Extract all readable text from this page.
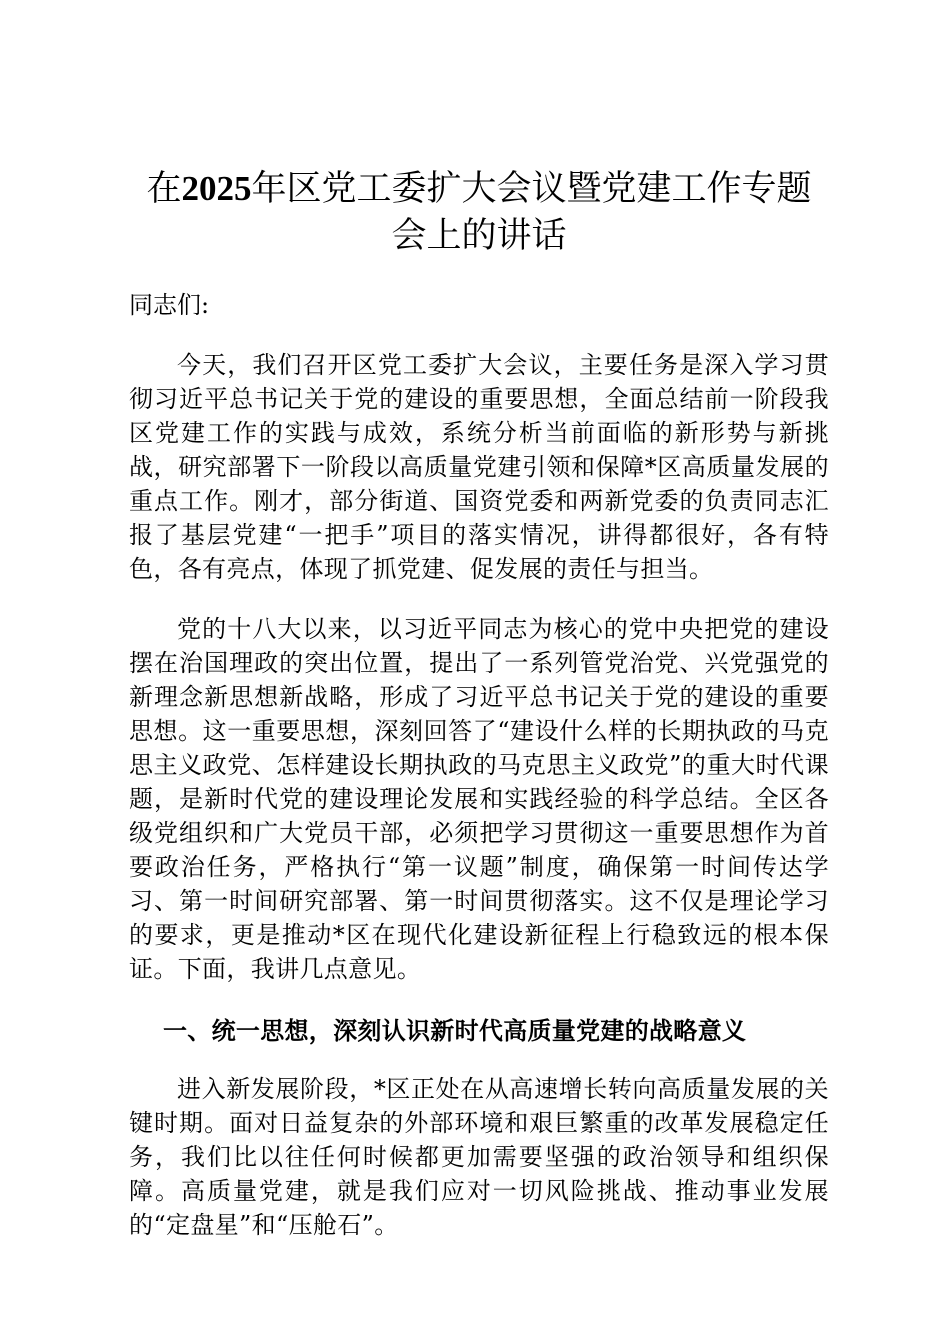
在2025年区党工委扩大会议暨党建工作专题
会上的讲话

同志们:

今天，我们召开区党工委扩大会议，主要任务是深入学习贯彻习近平总书记关于党的建设的重要思想，全面总结前一阶段我区党建工作的实践与成效，系统分析当前面临的新形势与新挑战，研究部署下一阶段以高质量党建引领和保障*区高质量发展的重点工作。刚才，部分街道、国资党委和两新党委的负责同志汇报了基层党建“一把手”项目的落实情况，讲得都很好，各有特色，各有亮点，体现了抓党建、促发展的责任与担当。

党的十八大以来，以习近平同志为核心的党中央把党的建设摆在治国理政的突出位置，提出了一系列管党治党、兴党强党的新理念新思想新战略，形成了习近平总书记关于党的建设的重要思想。这一重要思想，深刻回答了“建设什么样的长期执政的马克思主义政党、怎样建设长期执政的马克思主义政党”的重大时代课题，是新时代党的建设理论发展和实践经验的科学总结。全区各级党组织和广大党员干部，必须把学习贯彻这一重要思想作为首要政治任务，严格执行“第一议题”制度，确保第一时间传达学习、第一时间研究部署、第一时间贯彻落实。这不仅是理论学习的要求，更是推动*区在现代化建设新征程上行稳致远的根本保证。下面，我讲几点意见。

一、统一思想，深刻认识新时代高质量党建的战略意义

进入新发展阶段，*区正处在从高速增长转向高质量发展的关键时期。面对日益复杂的外部环境和艰巨繁重的改革发展稳定任务，我们比以往任何时候都更加需要坚强的政治领导和组织保障。高质量党建，就是我们应对一切风险挑战、推动事业发展的“定盘星”和“压舱石”。
